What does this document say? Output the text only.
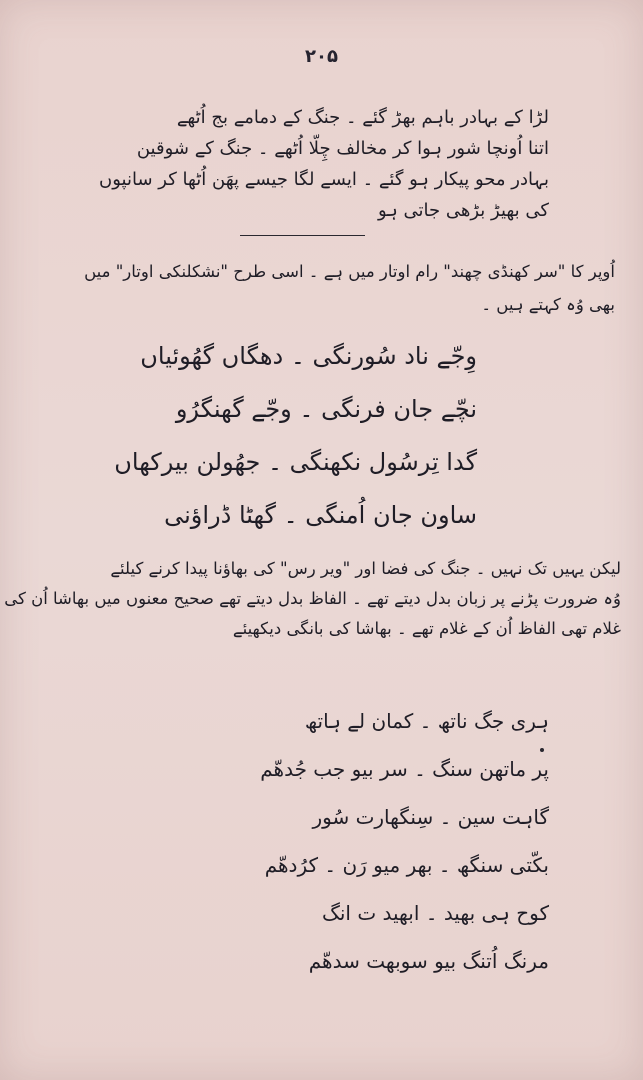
۲۰۵
لڑا کے بہادر باہم بھڑ گئے ۔ جنگ کے دمامے بج اُٹھے
اتنا اُونچا شور ہوا کر مخالف چِلّا اُٹھے ۔ جنگ کے شوقین
بہادر محو پیکار ہو گئے ۔ ایسے لگا جیسے پھَن اُٹھا کر سانپوں
کی بھیڑ بڑھی جاتی ہو
اُوپر کا "سر کھنڈی چھند" رام اوتار میں ہے ۔ اسی طرح "نشکلنکی اوتار" میں
بھی وُہ کہتے ہیں ۔
وِجّے ناد سُورنگی ۔ دھگاں گھُوئیاں
نچّے جان فرنگی ۔ وجّے گھنگرُو
گدا تِرسُول نکھنگی ۔ جھُولن بیرکھاں
ساون جان اُمنگی ۔ گھٹا ڈراؤنی
لیکن یہیں تک نہیں ۔ جنگ کی فضا اور "ویر رس" کی بھاؤنا پیدا کرنے کیلئے
وُہ ضرورت پڑنے پر زبان بدل دیتے تھے ۔ الفاظ بدل دیتے تھے صحیح معنوں میں بھاشا اُن کی
غلام تھی الفاظ اُن کے غلام تھے ۔ بھاشا کی بانگی دیکھیئے
ہری جگ ناتھ ۔ کمان لے ہاتھ
پر ماتھن سنگ ۔ سر بیو جب جُدھّم
گاہت سین ۔ سِنگھارت سُور
بکّتی سنگھ ۔ بھر میو رَن ۔ کرُدھّم
کوح ہی بھید ۔ ابھید ت انگ
مرنگ اُتنگ بیو سوبھت سدھّم
